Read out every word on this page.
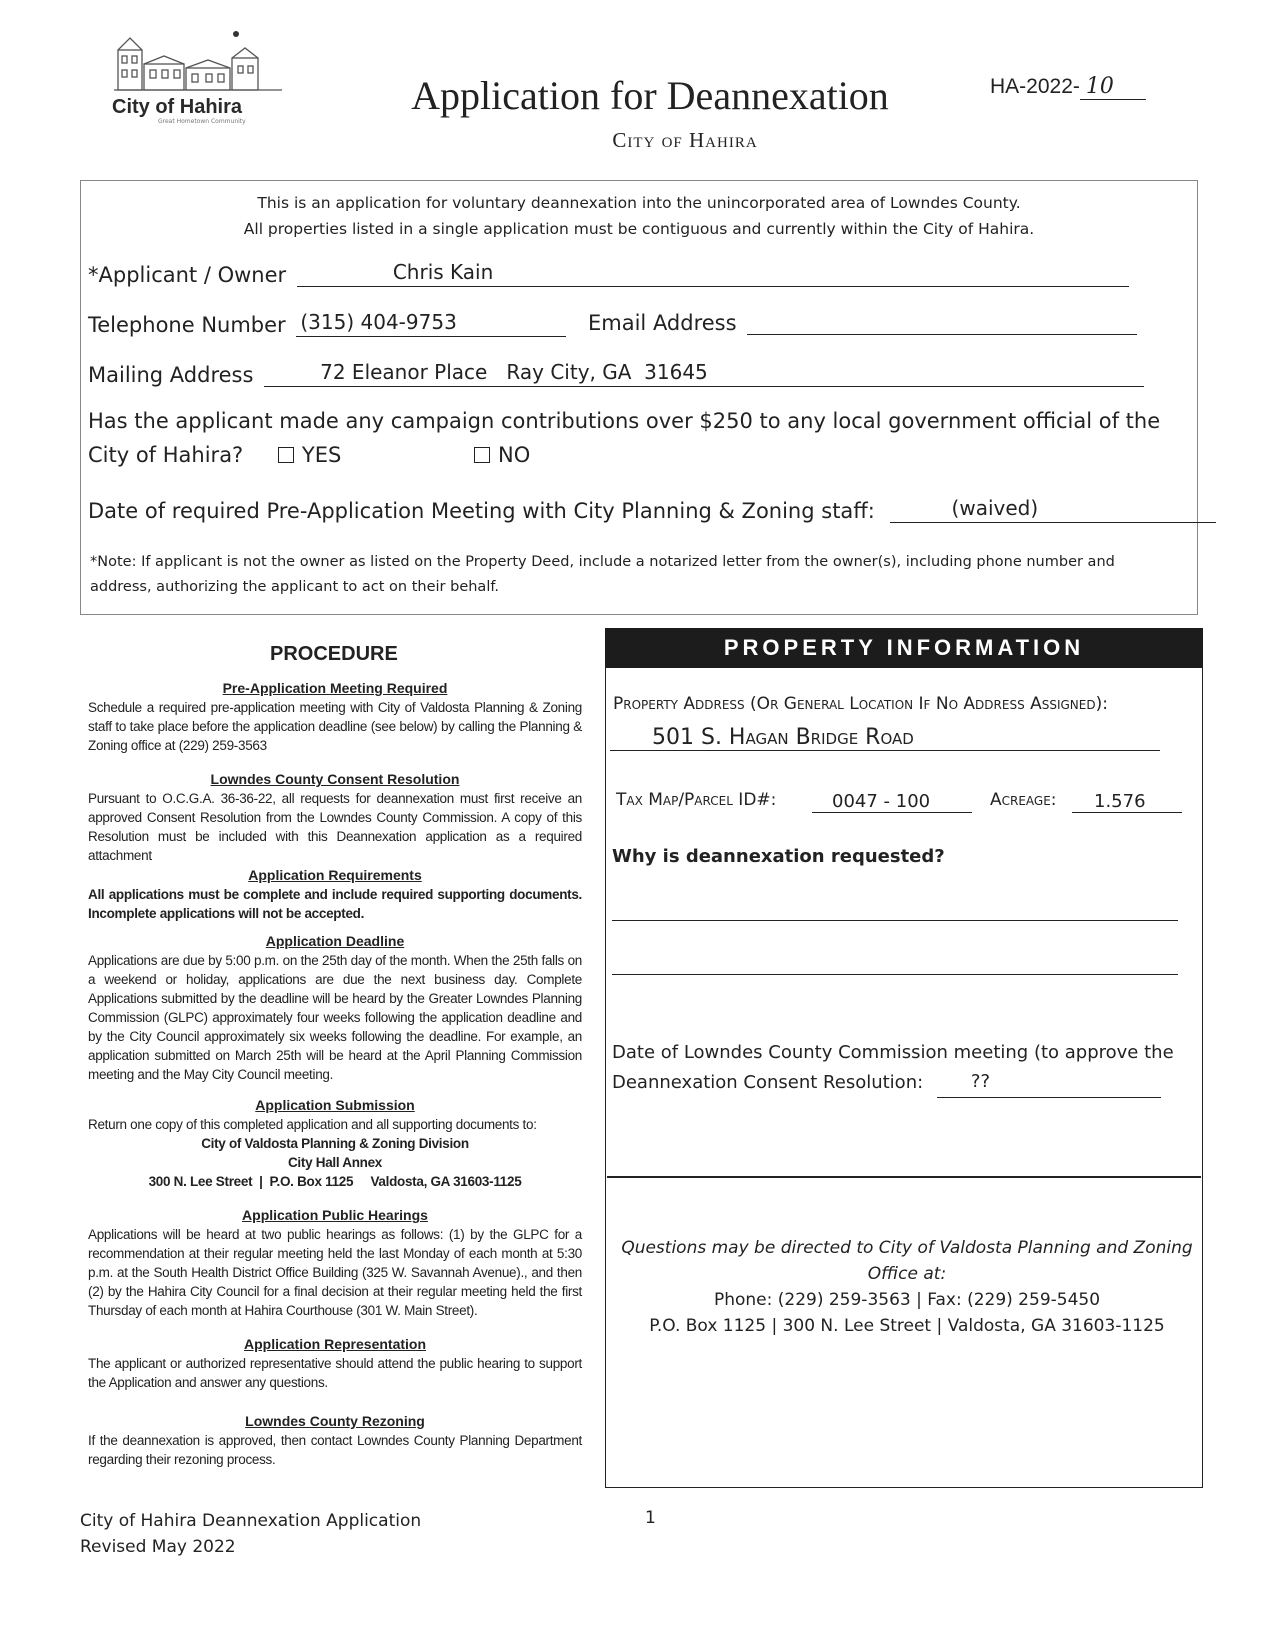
City of Hahira
Great Hometown Community
Application for Deannexation
City of Hahira
HA-2022- 10
This is an application for voluntary deannexation into the unincorporated area of Lowndes County.
All properties listed in a single application must be contiguous and currently within the City of Hahira.
*Applicant / Owner	Chris Kain
Telephone Number (315) 404-9753	Email Address
Mailing Address	72 Eleanor Place   Ray City, GA  31645
Has the applicant made any campaign contributions over $250 to any local government official of the
City of Hahira?	YES	NO
Date of required Pre-Application Meeting with City Planning & Zoning staff:	(waived)
*Note: If applicant is not the owner as listed on the Property Deed, include a notarized letter from the owner(s), including phone number and address, authorizing the applicant to act on their behalf.
PROCEDURE
Pre-Application Meeting Required

Schedule a required pre-application meeting with City of Valdosta Planning & Zoning staff to take place before the application deadline (see below) by calling the Planning & Zoning office at (229) 259-3563

Lowndes County Consent Resolution

Pursuant to O.C.G.A. 36-36-22, all requests for deannexation must first receive an approved Consent Resolution from the Lowndes County Commission. A copy of this Resolution must be included with this Deannexation application as a required attachment

Application Requirements

All applications must be complete and include required supporting documents. Incomplete applications will not be accepted.

Application Deadline

Applications are due by 5:00 p.m. on the 25th day of the month. When the 25th falls on a weekend or holiday, applications are due the next business day. Complete Applications submitted by the deadline will be heard by the Greater Lowndes Planning Commission (GLPC) approximately four weeks following the application deadline and by the City Council approximately six weeks following the deadline. For example, an application submitted on March 25th will be heard at the April Planning Commission meeting and the May City Council meeting.

Application Submission

Return one copy of this completed application and all supporting documents to:

City of Valdosta Planning & Zoning Division

City Hall Annex

300 N. Lee Street  |  P.O. Box 1125     Valdosta, GA 31603-1125

Application Public Hearings

Applications will be heard at two public hearings as follows: (1) by the GLPC for a recommendation at their regular meeting held the last Monday of each month at 5:30 p.m. at the South Health District Office Building (325 W. Savannah Avenue)., and then (2) by the Hahira City Council for a final decision at their regular meeting held the first Thursday of each month at Hahira Courthouse (301 W. Main Street).

Application Representation

The applicant or authorized representative should attend the public hearing to support the Application and answer any questions.

Lowndes County Rezoning

If the deannexation is approved, then contact Lowndes County Planning Department regarding their rezoning process.

PROPERTY INFORMATION
Property Address (Or General Location If No Address Assigned):
501 S. Hagan Bridge Road
Tax Map/Parcel ID#:	0047 - 100	Acreage: 1.576
Why is deannexation requested?
Date of Lowndes County Commission meeting (to approve the
Deannexation Consent Resolution:	??
Questions may be directed to City of Valdosta Planning and Zoning
Office at:
Phone: (229) 259-3563 | Fax: (229) 259-5450
P.O. Box 1125 | 300 N. Lee Street | Valdosta, GA 31603-1125
City of Hahira Deannexation Application
Revised May 2022
1
